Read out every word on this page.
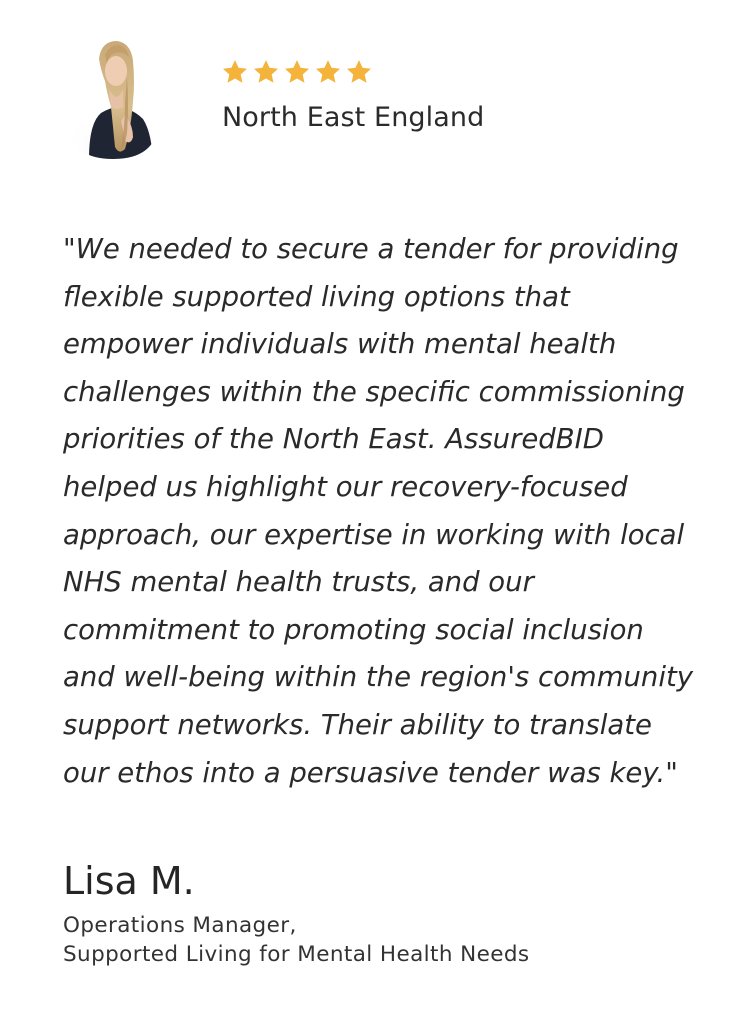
North East England

"We needed to secure a tender for providing
flexible supported living options that
empower individuals with mental health
challenges within the specific commissioning
priorities of the North East. AssuredBID
helped us highlight our recovery-focused
approach, our expertise in working with local
NHS mental health trusts, and our
commitment to promoting social inclusion
and well-being within the region's community
support networks. Their ability to translate
our ethos into a persuasive tender was key."

Lisa M.
Operations Manager,
Supported Living for Mental Health Needs
